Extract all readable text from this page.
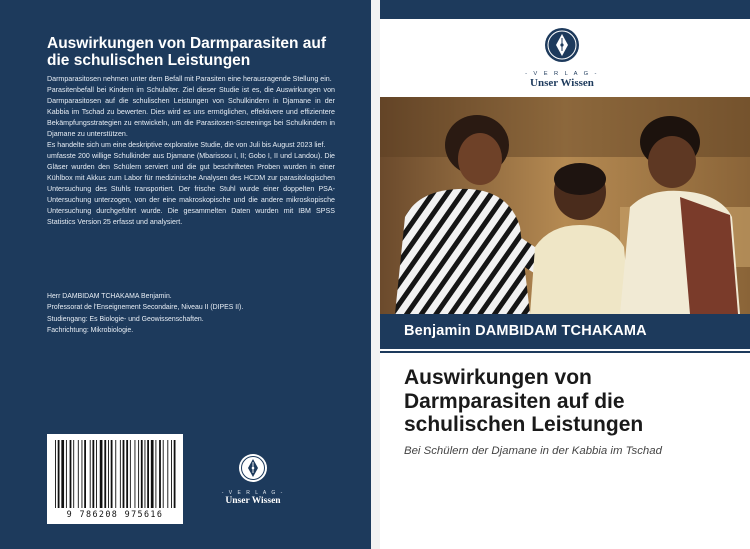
Auswirkungen von Darmparasiten auf die schulischen Leistungen

Darmparasitosen nehmen unter dem Befall mit Parasiten eine herausragende Stellung ein.

Parasitenbefall bei Kindern im Schulalter. Ziel dieser Studie ist es, die Auswirkungen von Darmparasitosen auf die schulischen Leistungen von Schulkindern in Djamane in der Kabbia im Tschad zu bewerten. Dies wird es uns ermöglichen, effektivere und effizientere Bekämpfungsstrategien zu entwickeln, um die Parasitosen-Screenings bei Schulkindern in Djamane zu unterstützen.

Es handelte sich um eine deskriptive explorative Studie, die von Juli bis August 2023 lief.

umfasste 200 willige Schulkinder aus Djamane (Mbarissou I, II; Gobo I, II und Landou). Die Gläser wurden den Schülern serviert und die gut beschrifteten Proben wurden in einer Kühlbox mit Akkus zum Labor für medizinische Analysen des HCDM zur parasitologischen Untersuchung des Stuhls transportiert. Der frische Stuhl wurde einer doppelten PSA-Untersuchung unterzogen, von der eine makroskopische und die andere mikroskopische Untersuchung durchgeführt wurde. Die gesammelten Daten wurden mit IBM SPSS Statistics Version 25 erfasst und analysiert.

Herr DAMBIDAM TCHAKAMA Benjamin.
Professorat de l'Enseignement Secondaire, Niveau II (DIPES II).
Studiengang: Es Biologie- und Geowissenschaften.
Fachrichtung: Mikrobiologie.
9 786208 975616
- V E R L A G -
Unser Wissen
- V E R L A G -
Unser Wissen
Benjamin DAMBIDAM TCHAKAMA
Auswirkungen von Darmparasiten auf die schulischen Leistungen
Bei Schülern der Djamane in der Kabbia im Tschad
